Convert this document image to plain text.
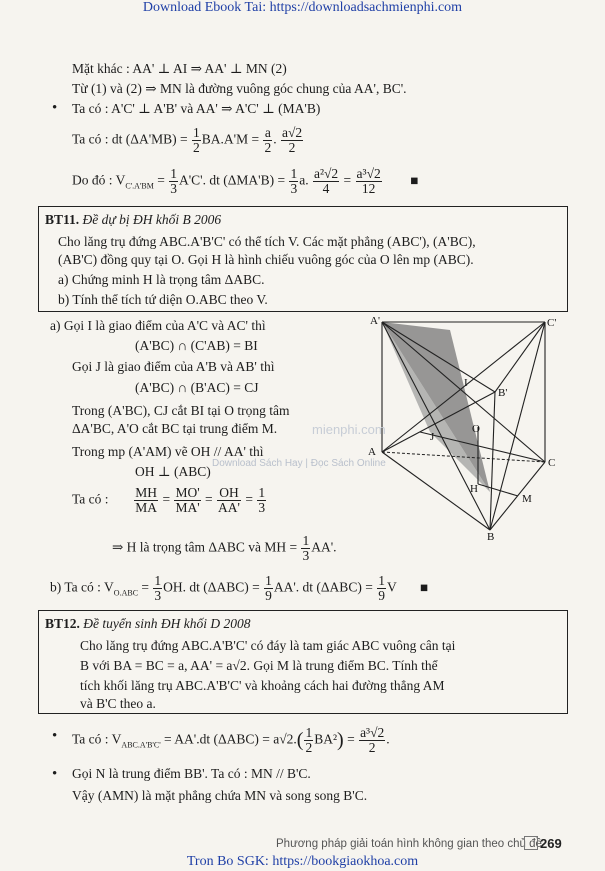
Download Ebook Tai: https://downloadsachmienphi.com
Mặt khác : AA' ⊥ AI ⇒ AA' ⊥ MN (2)
Từ (1) và (2) ⇒ MN là đường vuông góc chung của AA', BC'.
• Ta có : A'C' ⊥ A'B' và AA' ⇒ A'C' ⊥ (MA'B)
Ta có : dt $(\Delta A'MB) = \frac{1}{2} BA.A'M = \frac{a}{2}$ . $\frac{a√2}{2}$
Do đó : $V_{C'.A'BM} = \frac{1}{3} A'C'$. dt $(\Delta MA'B) = \frac{1}{3} a$. $\frac{\text{a²√2}}{4} = \frac{\text{a³√2}}{12}$ ■
BT11. Đề dự bị ĐH khối B 2006
Cho lăng trụ đứng ABC.A'B'C' có thể tích V. Các mặt phẳng (ABC'), (A'BC),
(AB'C) đồng quy tại O. Gọi H là hình chiếu vuông góc của O lên mp (ABC).
a) Chứng minh H là trọng tâm ΔABC.
b) Tính thể tích tứ diện O.ABC theo V.
a) Gọi I là giao điểm của A'C và AC' thì
(A'BC) ∩ (C'AB) = BI
Gọi J là giao điểm của A'B và AB' thì
(A'BC) ∩ (B'AC) = CJ
Trong (A'BC), CJ cắt BI tại O trọng tâm
ΔA'BC, A'O cắt BC tại trung điểm M.
Trong mp (A'AM) vẽ OH // AA' thì
OH ⊥ (ABC)
Ta có : $\frac{MH}{MA} = \frac{MO'}{MA'} = \frac{OH}{AA'} = \frac{1}{3}$
⇒ H là trọng tâm ΔABC và MH = $\frac{1}{3} AA'$.
b) Ta có : $V_{O.ABC} = \frac{1}{3}$ OH. dt $(\Delta ABC) = \frac{1}{9} AA'$. dt $(\Delta ABC) = \frac{1}{9}$ V ■
A'	C'
B'
I
O
J
A
C
H
M
B
Download Sách Hay | Đọc Sách Online
mienphi.com
BT12. Đề tuyển sinh ĐH khối D 2008
Cho lăng trụ đứng ABC.A'B'C' có đáy là tam giác ABC vuông cân tại
B với BA = BC = a, AA' = a√2. Gọi M là trung điểm BC. Tính thể
tích khối lăng trụ ABC.A'B'C' và khoảng cách hai đường thẳng AM
và B'C theo a.
• Ta có : $V_{ABC.A'B'C'} = AA'.dt$ $(\Delta ABC) = a√2.( \frac{1}{2} BA^2) = \frac{\text{a³√2}}{2}$ .
• Gọi N là trung điểm BB'. Ta có : MN // B'C.
Vậy (AMN) là mặt phẳng chứa MN và song song B'C.
Phương pháp giải toán hình không gian theo chủ đề
269
Tron Bo SGK: https://bookgiaokhoa.com
